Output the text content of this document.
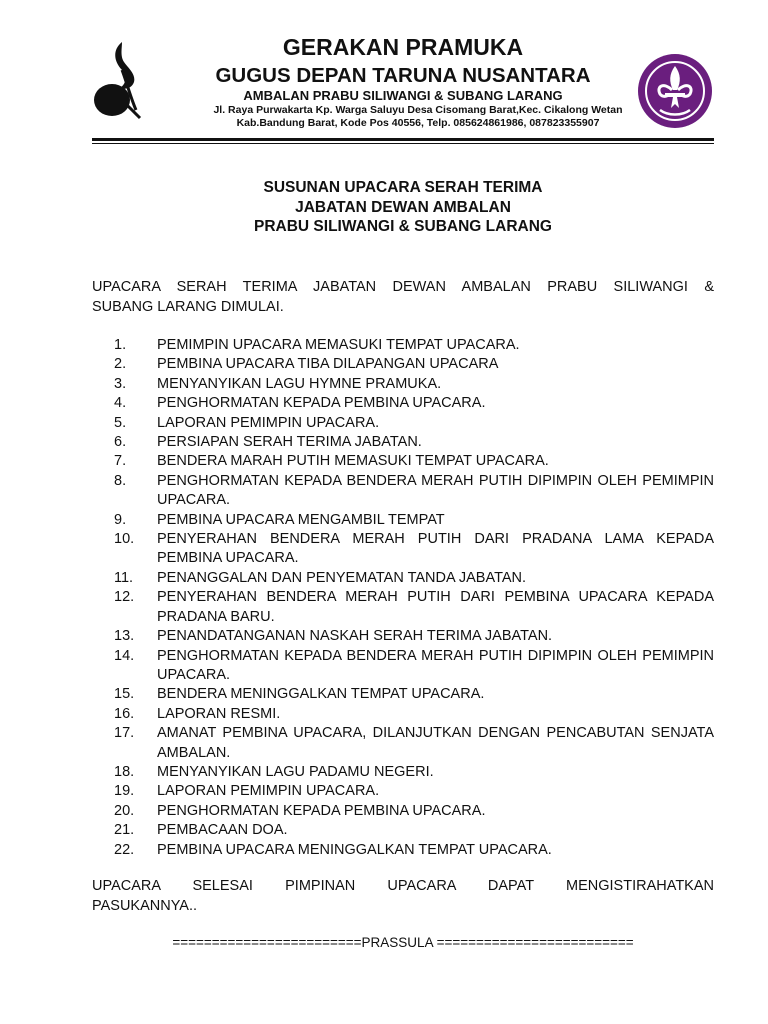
GERAKAN PRAMUKA
GUGUS DEPAN TARUNA NUSANTARA
AMBALAN PRABU SILIWANGI & SUBANG LARANG
Jl. Raya Purwakarta Kp. Warga Saluyu Desa Cisomang Barat,Kec. Cikalong Wetan
Kab.Bandung Barat, Kode Pos 40556, Telp. 085624861986, 087823355907
SUSUNAN UPACARA SERAH TERIMA
JABATAN DEWAN AMBALAN
PRABU SILIWANGI & SUBANG LARANG
UPACARA SERAH TERIMA JABATAN DEWAN AMBALAN PRABU SILIWANGI &
SUBANG LARANG DIMULAI.
1.	PEMIMPIN UPACARA MEMASUKI TEMPAT UPACARA.
2.	PEMBINA UPACARA TIBA DILAPANGAN UPACARA
3.	MENYANYIKAN LAGU HYMNE PRAMUKA.
4.	PENGHORMATAN KEPADA PEMBINA UPACARA.
5.	LAPORAN PEMIMPIN UPACARA.
6.	PERSIAPAN SERAH TERIMA JABATAN.
7.	BENDERA MARAH PUTIH MEMASUKI TEMPAT UPACARA.
8.	PENGHORMATAN KEPADA BENDERA MERAH PUTIH DIPIMPIN OLEH PEMIMPIN UPACARA.
9.	PEMBINA UPACARA MENGAMBIL TEMPAT
10.	PENYERAHAN BENDERA MERAH PUTIH DARI PRADANA LAMA KEPADA PEMBINA UPACARA.
11.	PENANGGALAN DAN PENYEMATAN TANDA JABATAN.
12.	PENYERAHAN BENDERA MERAH PUTIH DARI PEMBINA UPACARA KEPADA PRADANA BARU.
13.	PENANDATANGANAN NASKAH SERAH TERIMA JABATAN.
14.	PENGHORMATAN KEPADA BENDERA MERAH PUTIH DIPIMPIN OLEH PEMIMPIN UPACARA.
15.	BENDERA MENINGGALKAN TEMPAT UPACARA.
16.	LAPORAN RESMI.
17.	AMANAT PEMBINA UPACARA, DILANJUTKAN DENGAN PENCABUTAN SENJATA AMBALAN.
18.	MENYANYIKAN LAGU PADAMU NEGERI.
19.	LAPORAN PEMIMPIN UPACARA.
20.	PENGHORMATAN KEPADA PEMBINA UPACARA.
21.	PEMBACAAN DOA.
22.	PEMBINA UPACARA MENINGGALKAN TEMPAT UPACARA.
UPACARA SELESAI PIMPINAN UPACARA DAPAT MENGISTIRAHATKAN
PASUKANNYA..
========================PRASSULA =========================
